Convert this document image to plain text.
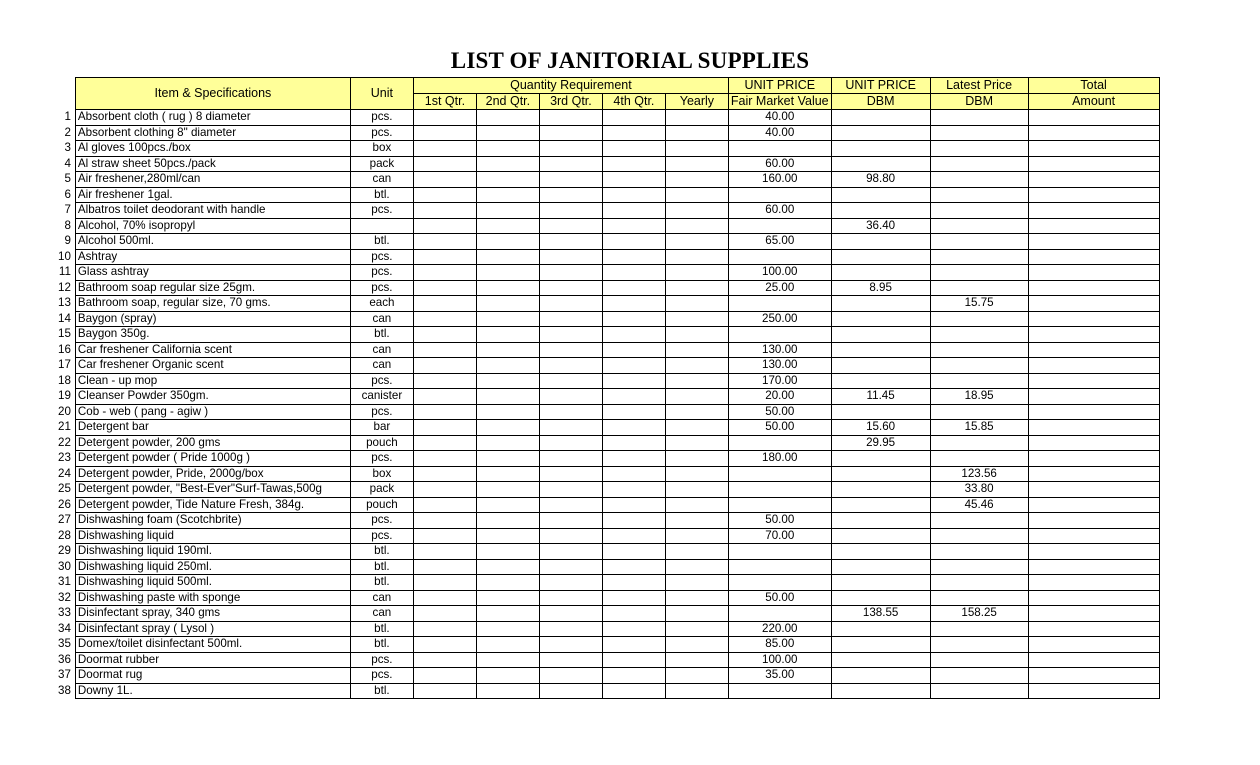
LIST OF JANITORIAL SUPPLIES
	Item & Specifications	Unit	Quantity Requirement					UNIT PRICE	UNIT PRICE	Latest Price	Total
			1st Qtr.	2nd Qtr.	3rd Qtr.	4th Qtr.	Yearly	Fair Market Value	DBM	DBM	Amount
1	Absorbent cloth ( rug ) 8 diameter	pcs.						40.00			
2	Absorbent clothing 8" diameter	pcs.						40.00			
3	Al gloves 100pcs./box	box									
4	Al straw sheet 50pcs./pack	pack						60.00			
5	Air freshener,280ml/can	can						160.00	98.80		
6	Air freshener 1gal.	btl.									
7	Albatros toilet deodorant with handle	pcs.						60.00			
8	Alcohol, 70% isopropyl								36.40		
9	Alcohol 500ml.	btl.						65.00			
10	Ashtray	pcs.									
11	Glass ashtray	pcs.						100.00			
12	Bathroom soap regular size 25gm.	pcs.						25.00	8.95		
13	Bathroom soap, regular size, 70 gms.	each								15.75	
14	Baygon (spray)	can						250.00			
15	Baygon 350g.	btl.									
16	Car freshener California scent	can						130.00			
17	Car freshener Organic scent	can						130.00			
18	Clean - up mop	pcs.						170.00			
19	Cleanser Powder 350gm.	canister						20.00	11.45	18.95	
20	Cob - web ( pang - agiw )	pcs.						50.00			
21	Detergent bar	bar						50.00	15.60	15.85	
22	Detergent powder, 200 gms	pouch							29.95		
23	Detergent powder ( Pride 1000g )	pcs.						180.00			
24	Detergent powder, Pride, 2000g/box	box								123.56	
25	Detergent powder, "Best-Ever"Surf-Tawas,500g	pack								33.80	
26	Detergent powder, Tide Nature Fresh, 384g.	pouch								45.46	
27	Dishwashing foam (Scotchbrite)	pcs.						50.00			
28	Dishwashing liquid	pcs.						70.00			
29	Dishwashing liquid 190ml.	btl.									
30	Dishwashing liquid 250ml.	btl.									
31	Dishwashing liquid 500ml.	btl.									
32	Dishwashing paste with sponge	can						50.00			
33	Disinfectant spray, 340 gms	can							138.55	158.25	
34	Disinfectant spray ( Lysol )	btl.						220.00			
35	Domex/toilet disinfectant 500ml.	btl.						85.00			
36	Doormat rubber	pcs.						100.00			
37	Doormat rug	pcs.						35.00			
38	Downy 1L.	btl.									
